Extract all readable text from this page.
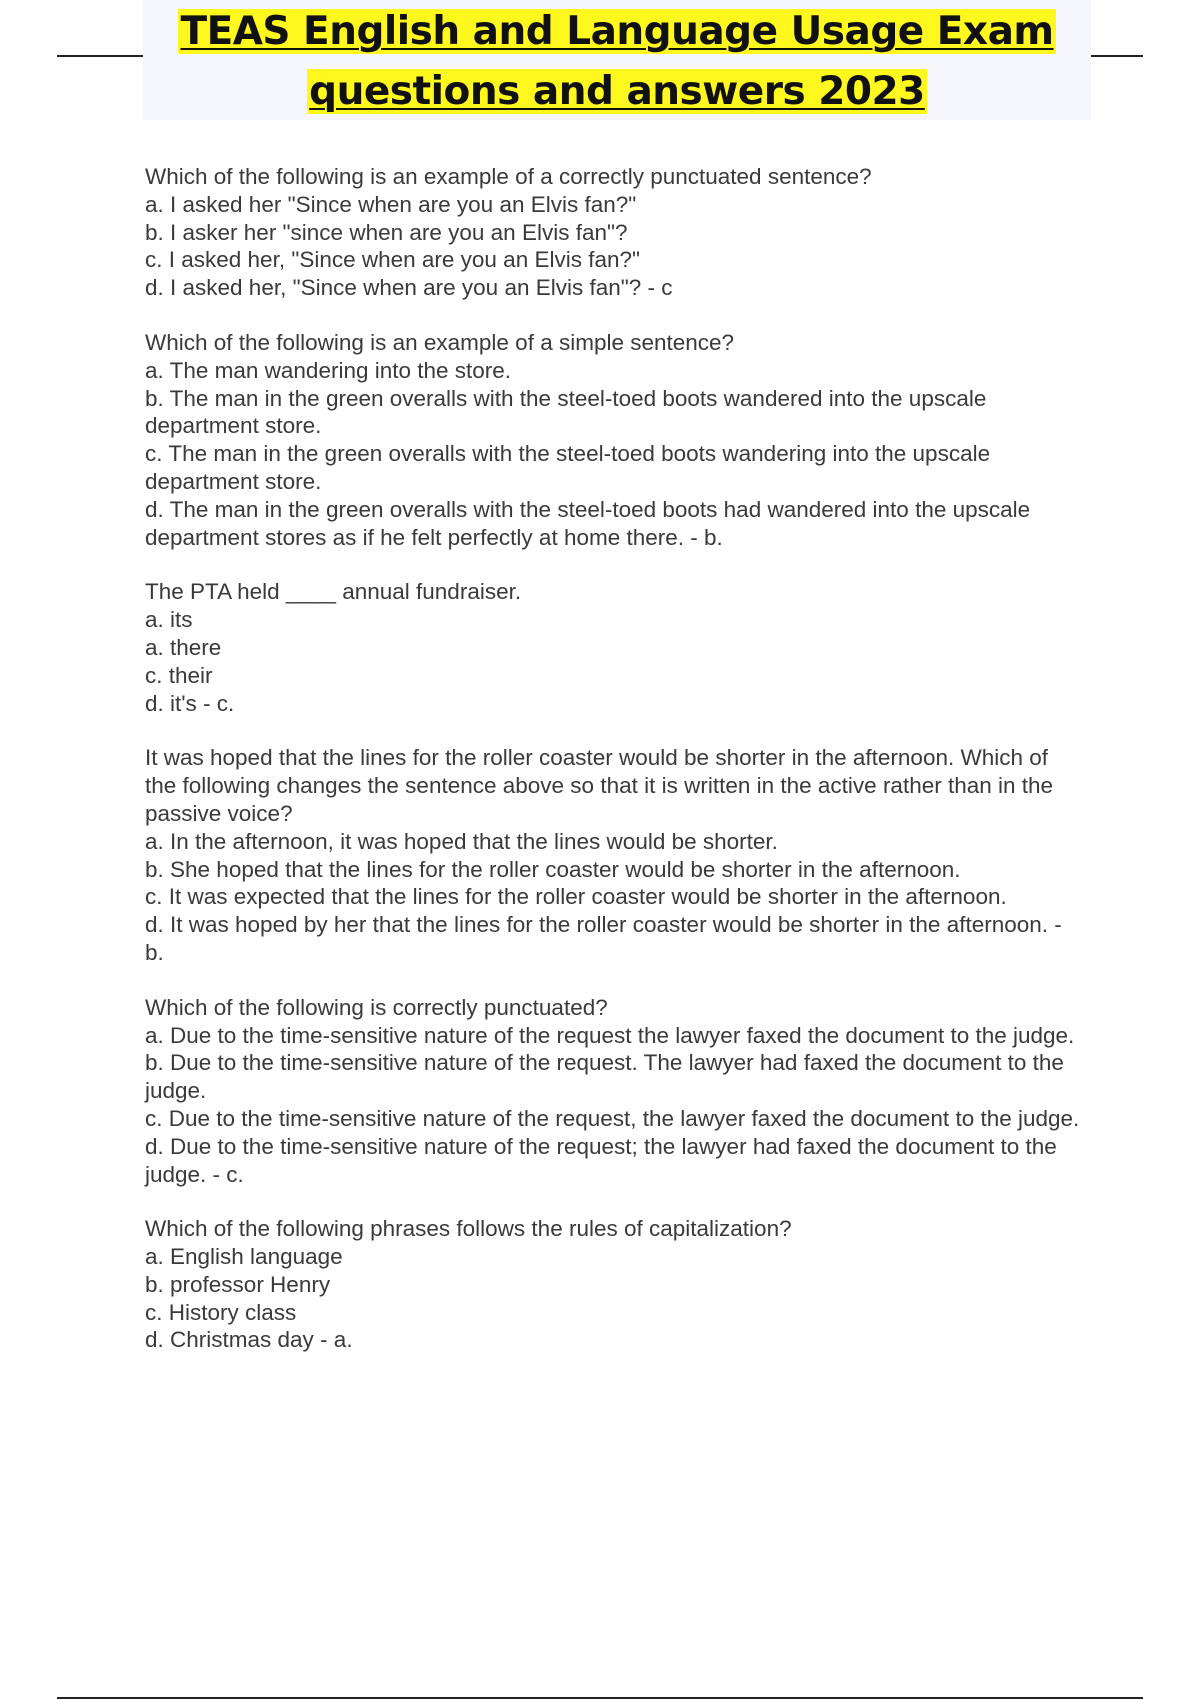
TEAS English and Language Usage Exam
questions and answers 2023
Which of the following is an example of a correctly punctuated sentence?
a. I asked her "Since when are you an Elvis fan?"
b. I asker her "since when are you an Elvis fan"?
c. I asked her, "Since when are you an Elvis fan?"
d. I asked her, "Since when are you an Elvis fan"? - c
Which of the following is an example of a simple sentence?
a. The man wandering into the store.
b. The man in the green overalls with the steel-toed boots wandered into the upscale department store.
c. The man in the green overalls with the steel-toed boots wandering into the upscale department store.
d. The man in the green overalls with the steel-toed boots had wandered into the upscale department stores as if he felt perfectly at home there. - b.
The PTA held ____ annual fundraiser.
a. its
a. there
c. their
d. it's - c.
It was hoped that the lines for the roller coaster would be shorter in the afternoon. Which of the following changes the sentence above so that it is written in the active rather than in the passive voice?
a. In the afternoon, it was hoped that the lines would be shorter.
b. She hoped that the lines for the roller coaster would be shorter in the afternoon.
c. It was expected that the lines for the roller coaster would be shorter in the afternoon.
d. It was hoped by her that the lines for the roller coaster would be shorter in the afternoon. - b.
Which of the following is correctly punctuated?
a. Due to the time-sensitive nature of the request the lawyer faxed the document to the judge.
b. Due to the time-sensitive nature of the request. The lawyer had faxed the document to the judge.
c. Due to the time-sensitive nature of the request, the lawyer faxed the document to the judge.
d. Due to the time-sensitive nature of the request; the lawyer had faxed the document to the judge. - c.
Which of the following phrases follows the rules of capitalization?
a. English language
b. professor Henry
c. History class
d. Christmas day - a.
